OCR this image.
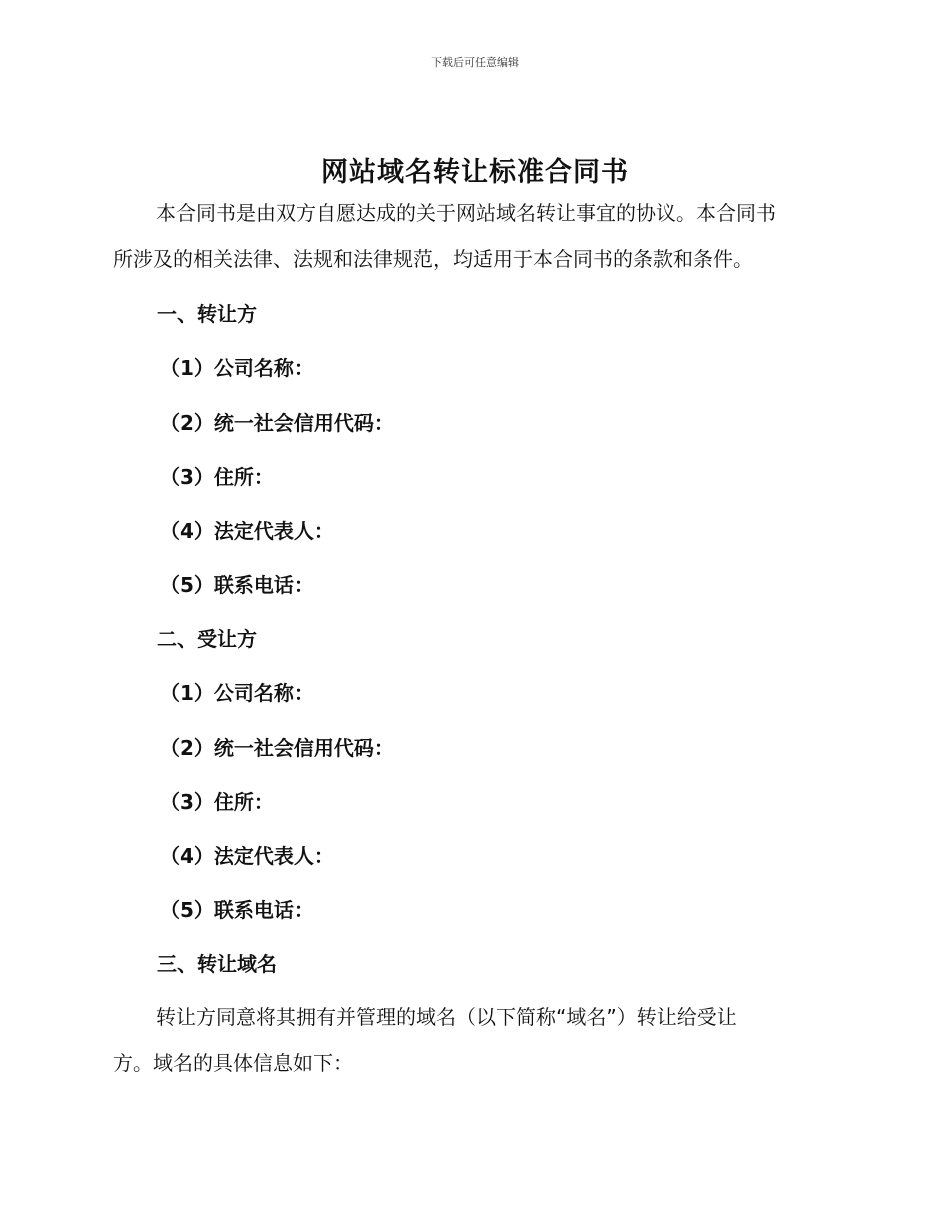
下载后可任意编辑
网站域名转让标准合同书
本合同书是由双方自愿达成的关于网站域名转让事宜的协议。本合同书
所涉及的相关法律、法规和法律规范，均适用于本合同书的条款和条件。
一、转让方
（1）公司名称：
（2）统一社会信用代码：
（3）住所：
（4）法定代表人：
（5）联系电话：
二、受让方
（1）公司名称：
（2）统一社会信用代码：
（3）住所：
（4）法定代表人：
（5）联系电话：
三、转让域名
转让方同意将其拥有并管理的域名（以下简称“域名”）转让给受让
方。域名的具体信息如下：
